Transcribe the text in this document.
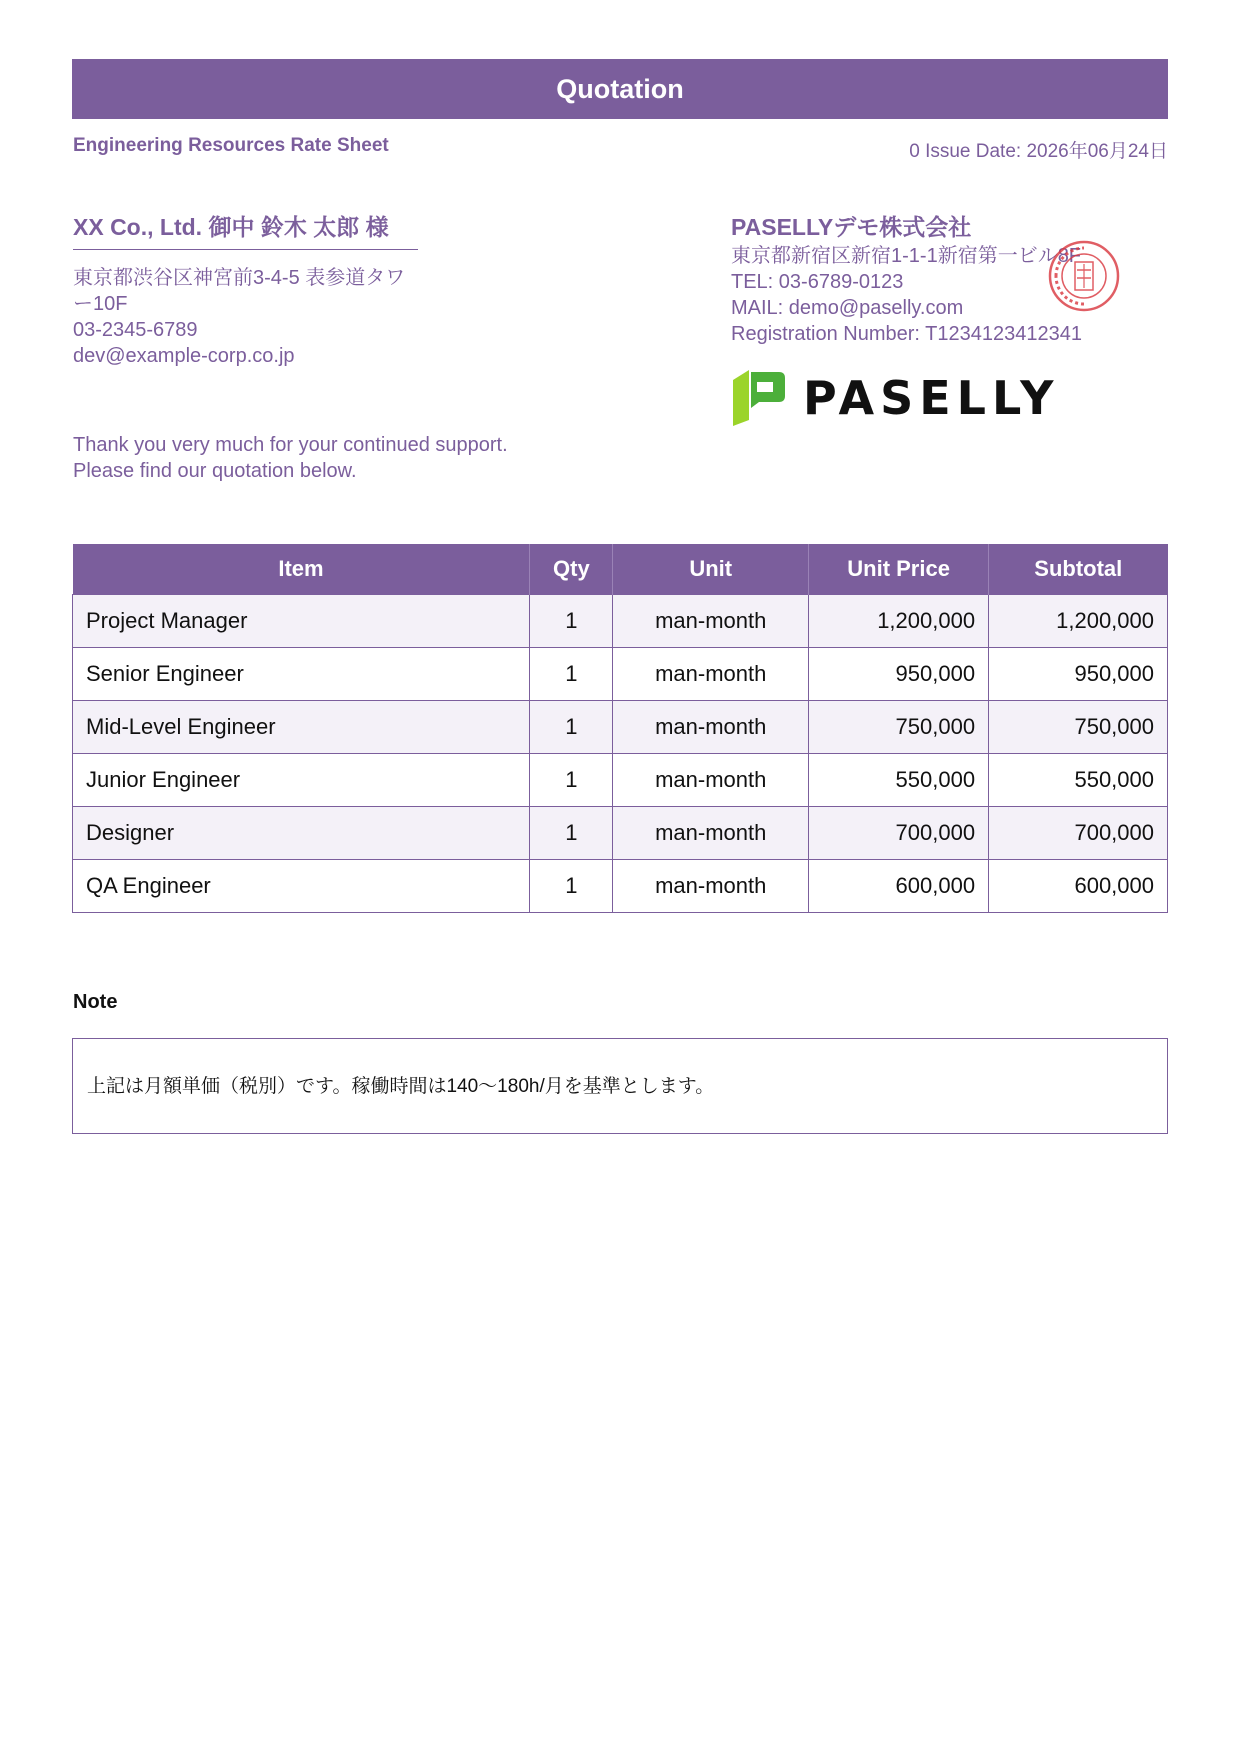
Quotation
Engineering Resources Rate Sheet	0 Issue Date: 2026年06月24日
XX Co., Ltd. 御中 鈴木 太郎 様
東京都渋谷区神宮前3-4-5 表参道タワー10F
03-2345-6789
dev@example-corp.co.jp
PASELLYデモ株式会社
東京都新宿区新宿1-1-1新宿第一ビル8F
TEL: 03-6789-0123
MAIL: demo@paselly.com
Registration Number: T1234123412341
PASELLY
Thank you very much for your continued support.
Please find our quotation below.
Item	Qty	Unit	Unit Price	Subtotal
Project Manager	1	man-month	1,200,000	1,200,000
Senior Engineer	1	man-month	950,000	950,000
Mid-Level Engineer	1	man-month	750,000	750,000
Junior Engineer	1	man-month	550,000	550,000
Designer	1	man-month	700,000	700,000
QA Engineer	1	man-month	600,000	600,000
Note
上記は月額単価（税別）です。稼働時間は140〜180h/月を基準とします。
